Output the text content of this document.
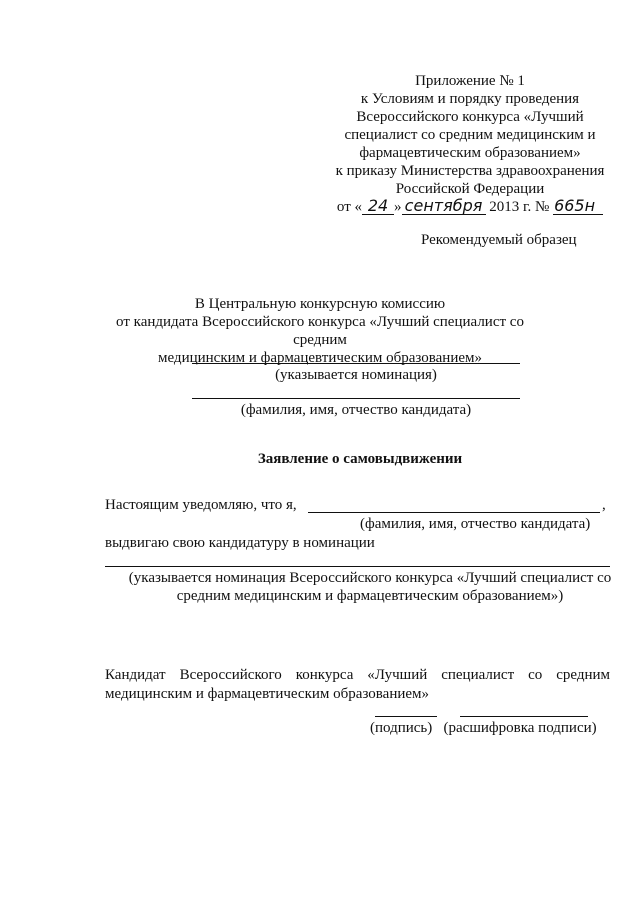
Приложение № 1
к Условиям и порядку проведения
Всероссийского конкурса «Лучший
специалист со средним медицинским и
фармацевтическим образованием»
к приказу Министерства здравоохранения
Российской Федерации
от « 24 » сентября 2013 г. № 665н
Рекомендуемый образец
В Центральную конкурсную комиссию
от кандидата Всероссийского конкурса «Лучший специалист со средним
медицинским и фармацевтическим образованием»
(указывается номинация)
(фамилия, имя, отчество кандидата)
Заявление о самовыдвижении
Настоящим уведомляю, что я,	,
(фамилия, имя, отчество кандидата)
выдвигаю свою кандидатуру в номинации
(указывается номинация Всероссийского конкурса «Лучший специалист со
средним медицинским и фармацевтическим образованием»)
Кандидат Всероссийского конкурса «Лучший специалист со средним
медицинским и фармацевтическим образованием»
(подпись)   (расшифровка подписи)
